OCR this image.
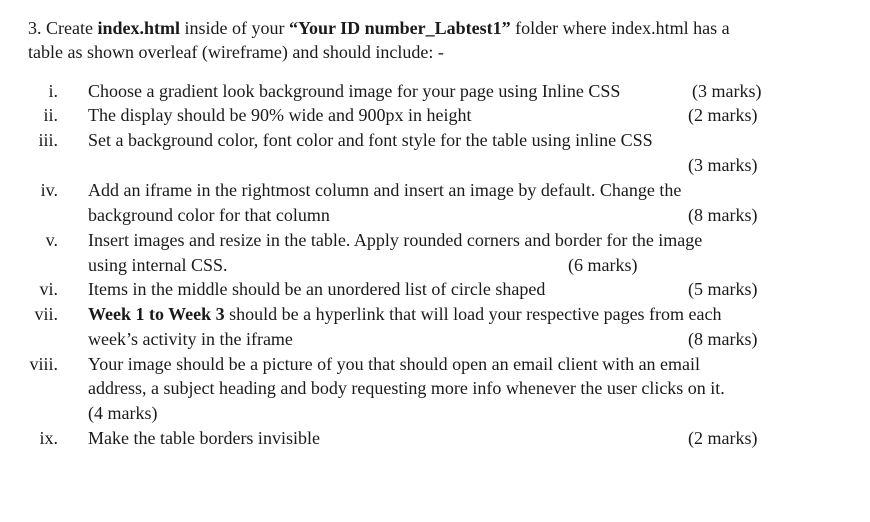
3. Create index.html inside of your “Your ID number_Labtest1” folder where index.html has a
table as shown overleaf (wireframe) and should include: -
i. Choose a gradient look background image for your page using Inline CSS	(3 marks)
ii. The display should be 90% wide and 900px in height	(2 marks)
iii. Set a background color, font color and font style for the table using inline CSS
(3 marks)
iv. Add an iframe in the rightmost column and insert an image by default. Change the
background color for that column	(8 marks)
v. Insert images and resize in the table. Apply rounded corners and border for the image
using internal CSS.	(6 marks)
vi. Items in the middle should be an unordered list of circle shaped	(5 marks)
vii. Week 1 to Week 3 should be a hyperlink that will load your respective pages from each
week’s activity in the iframe	(8 marks)
viii. Your image should be a picture of you that should open an email client with an email
address, a subject heading and body requesting more info whenever the user clicks on it.
(4 marks)
ix. Make the table borders invisible	(2 marks)
